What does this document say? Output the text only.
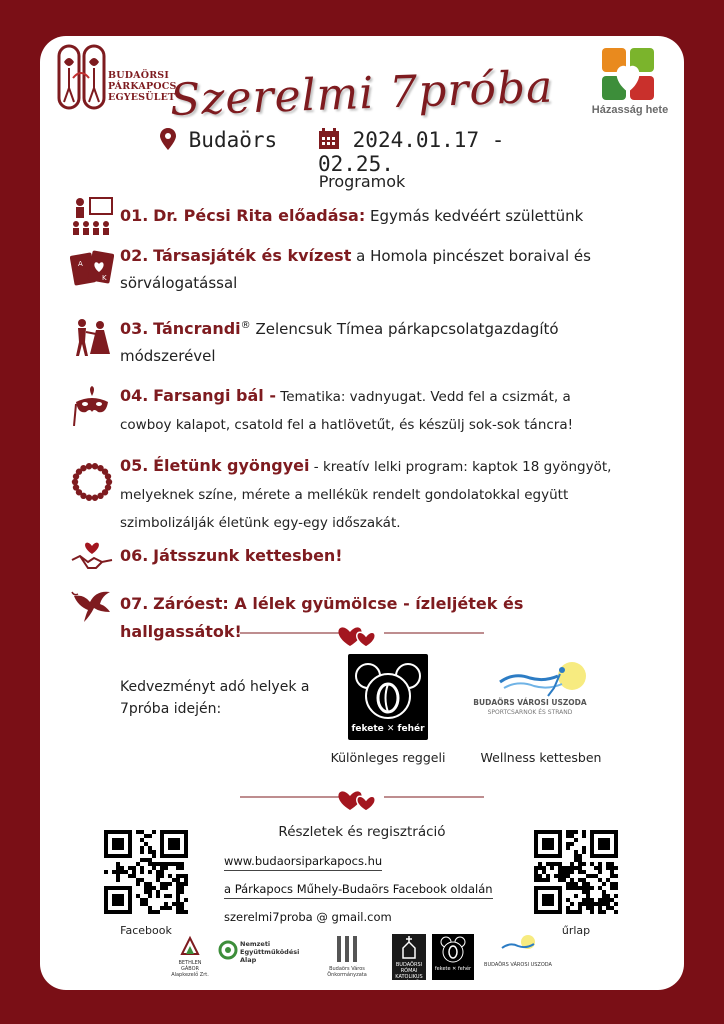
BUDAÖRSI
PÁRKAPOCS
EGYESÜLET
Szerelmi 7próba	Házasság hete
Budaörs	2024.01.17 - 02.25.
Programok
01. Dr. Pécsi Rita előadása: Egymás kedvéért születtünk
A
K
02. Társasjáték és kvízest a Homola pincészet boraival és
sörválogatással
03. Táncrandi® Zelencsuk Tímea párkapcsolatgazdagító
módszerével
04. Farsangi bál - Tematika: vadnyugat. Vedd fel a csizmát, a
cowboy kalapot, csatold fel a hatlövetűt, és készülj sok-sok táncra!
05. Életünk gyöngyei - kreatív lelki program: kaptok 18 gyöngyöt,
melyeknek színe, mérete a mellékük rendelt gondolatokkal együtt
szimbolizálják életünk egy-egy időszakát.
06. Játsszunk kettesben!
07. Záróest: A lélek gyümölcse - ízleljétek és hallgassátok!
Kedvezményt adó helyek a
7próba idején:
fekete ✕ fehér
Különleges reggeli
BUDAÖRS VÁROSI USZODA
SPORTCSARNOK ÉS STRAND
Wellness kettesben
Részletek és regisztráció
www.budaorsiparkapocs.hu
a Párkapocs Műhely-Budaörs Facebook oldalán
szerelmi7proba @ gmail.com
Facebook	űrlap
BETHLEN GÁBOR
Alapkezelő Zrt.
Nemzeti
Együttműködési
Alap
Budaörs Város Önkormányzata
BUDAÖRSI RÓMAI KATOLIKUS EGYHÁZKÖZSÉG
fekete ✕ fehér
BUDAÖRS VÁROSI USZODA
